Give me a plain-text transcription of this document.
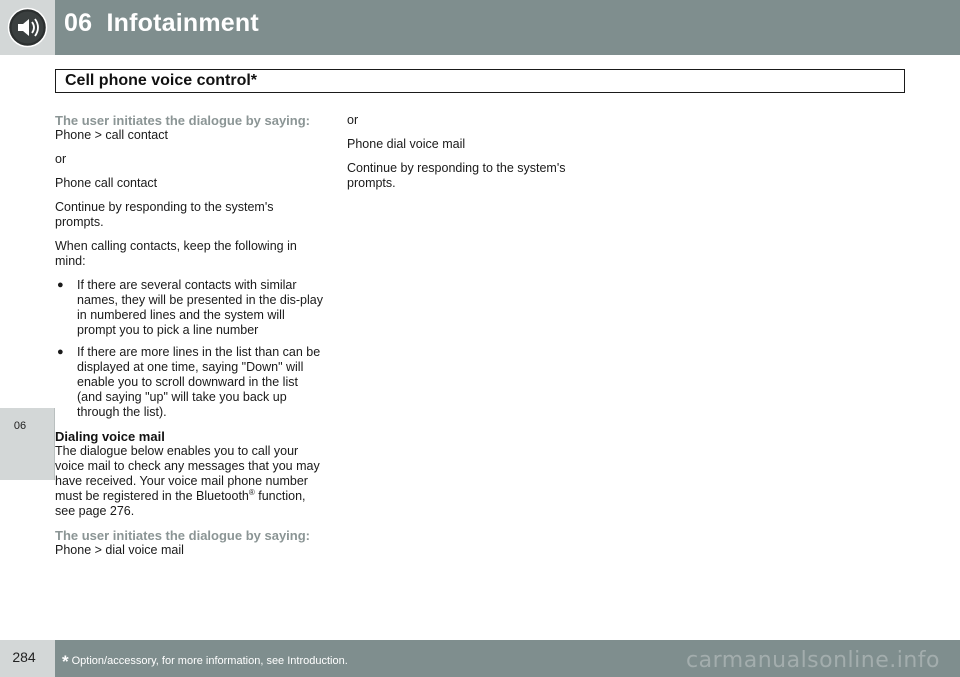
06 Infotainment
Cell phone voice control*
06
The user initiates the dialogue by saying:

Phone > call contact

or

Phone call contact

Continue by responding to the system's prompts.

When calling contacts, keep the following in mind:

● If there are several contacts with similar names, they will be presented in the dis-play in numbered lines and the system will prompt you to pick a line number
● If there are more lines in the list than can be displayed at one time, saying "Down" will enable you to scroll downward in the list (and saying "up" will take you back up through the list).
Dialing voice mail

The dialogue below enables you to call your voice mail to check any messages that you may have received. Your voice mail phone number must be registered in the Bluetooth® function, see page 276.

The user initiates the dialogue by saying:

Phone > dial voice mail

or

Phone dial voice mail

Continue by responding to the system's prompts.

284	* Option/accessory, for more information, see Introduction.	carmanualsonline.info
